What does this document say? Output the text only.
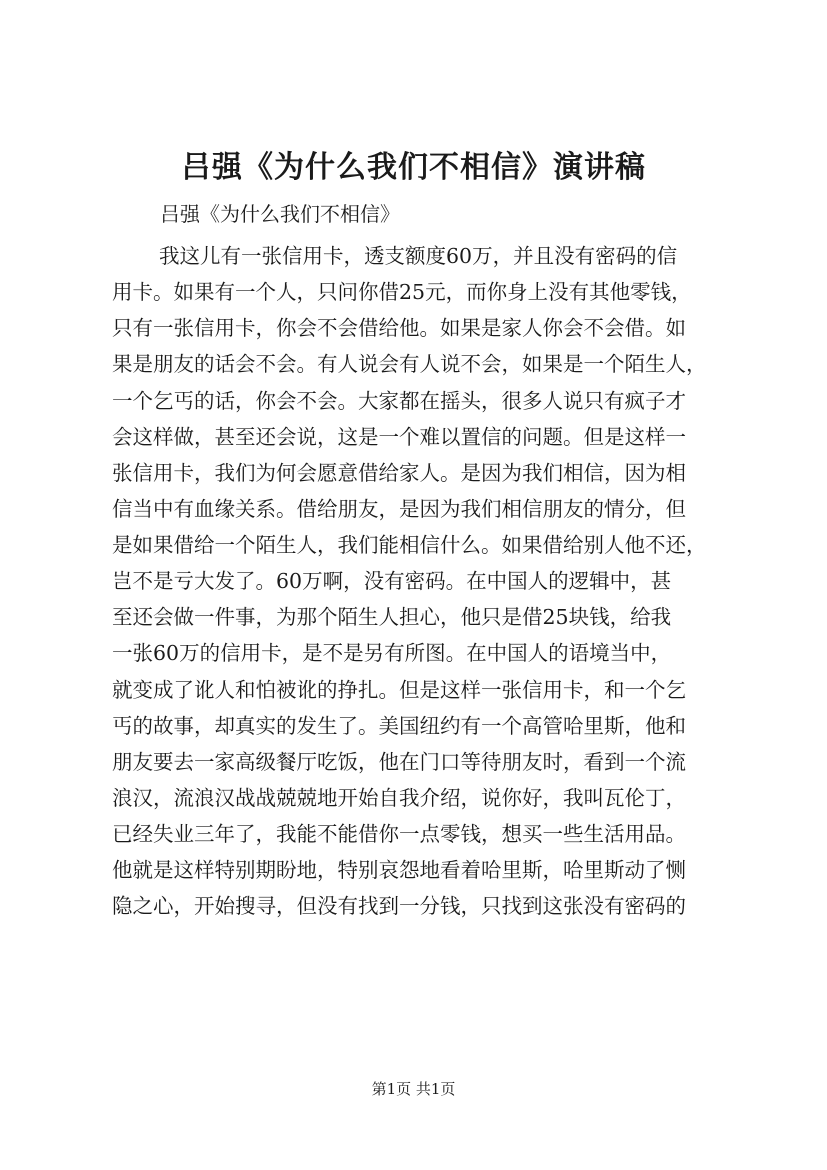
吕强《为什么我们不相信》演讲稿
吕强《为什么我们不相信》
我这儿有一张信用卡，透支额度60万，并且没有密码的信
用卡。如果有一个人，只问你借25元，而你身上没有其他零钱，
只有一张信用卡，你会不会借给他。如果是家人你会不会借。如
果是朋友的话会不会。有人说会有人说不会，如果是一个陌生人，
一个乞丐的话，你会不会。大家都在摇头，很多人说只有疯子才
会这样做，甚至还会说，这是一个难以置信的问题。但是这样一
张信用卡，我们为何会愿意借给家人。是因为我们相信，因为相
信当中有血缘关系。借给朋友，是因为我们相信朋友的情分，但
是如果借给一个陌生人，我们能相信什么。如果借给别人他不还，
岂不是亏大发了。60万啊，没有密码。在中国人的逻辑中，甚
至还会做一件事，为那个陌生人担心，他只是借25块钱，给我
一张60万的信用卡，是不是另有所图。在中国人的语境当中，
就变成了讹人和怕被讹的挣扎。但是这样一张信用卡，和一个乞
丐的故事，却真实的发生了。美国纽约有一个高管哈里斯，他和
朋友要去一家高级餐厅吃饭，他在门口等待朋友时，看到一个流
浪汉，流浪汉战战兢兢地开始自我介绍，说你好，我叫瓦伦丁，
已经失业三年了，我能不能借你一点零钱，想买一些生活用品。
他就是这样特别期盼地，特别哀怨地看着哈里斯，哈里斯动了恻
隐之心，开始搜寻，但没有找到一分钱，只找到这张没有密码的
第1页 共1页
